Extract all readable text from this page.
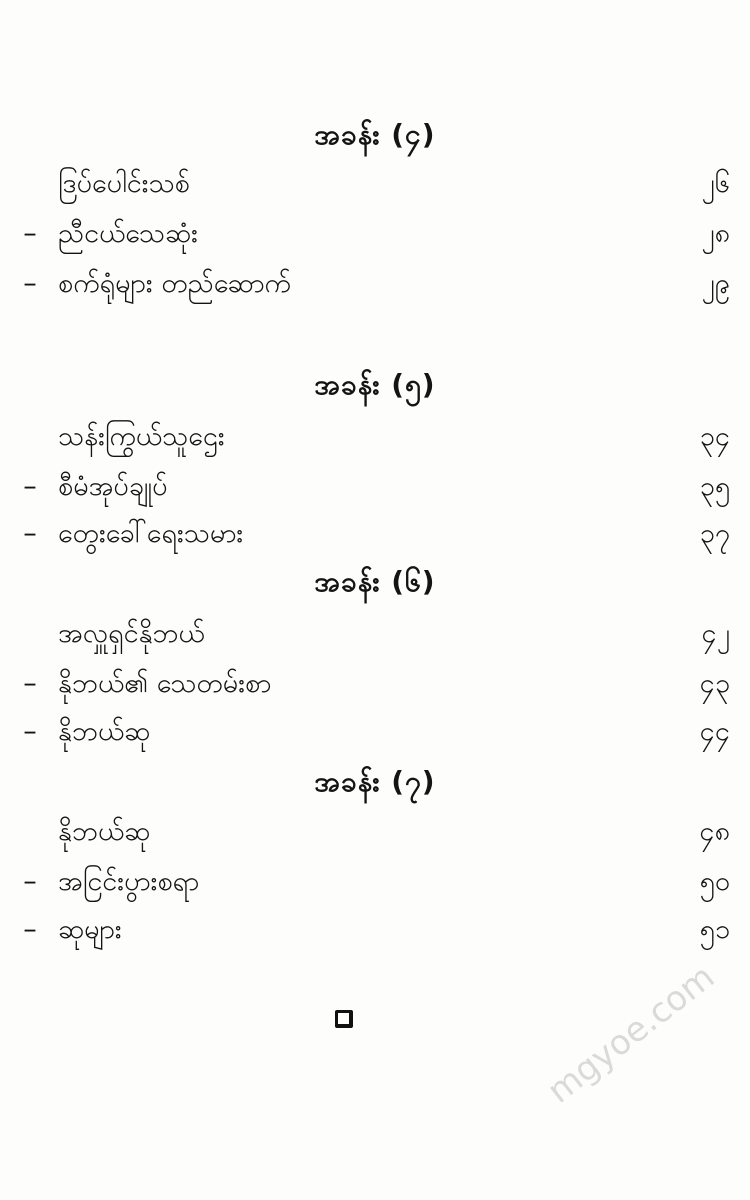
အခန်း (၄)
ဒြပ်ပေါင်းသစ်	၂၆
– ညီငယ်သေဆုံး	၂၈
– စက်ရုံများ တည်ဆောက်	၂၉
အခန်း (၅)
သန်းကြွယ်သူဌေး	၃၄
– စီမံအုပ်ချုပ်	၃၅
– တွေးခေါ်ရေးသမား	၃၇
အခန်း (၆)
အလှူရှင်နိုဘယ်	၄၂
– နိုဘယ်၏ သေတမ်းစာ	၄၃
– နိုဘယ်ဆု	၄၄
အခန်း (၇)
နိုဘယ်ဆု	၄၈
– အငြင်းပွားစရာ	၅၀
– ဆုများ	၅၁
mgyoe.com
